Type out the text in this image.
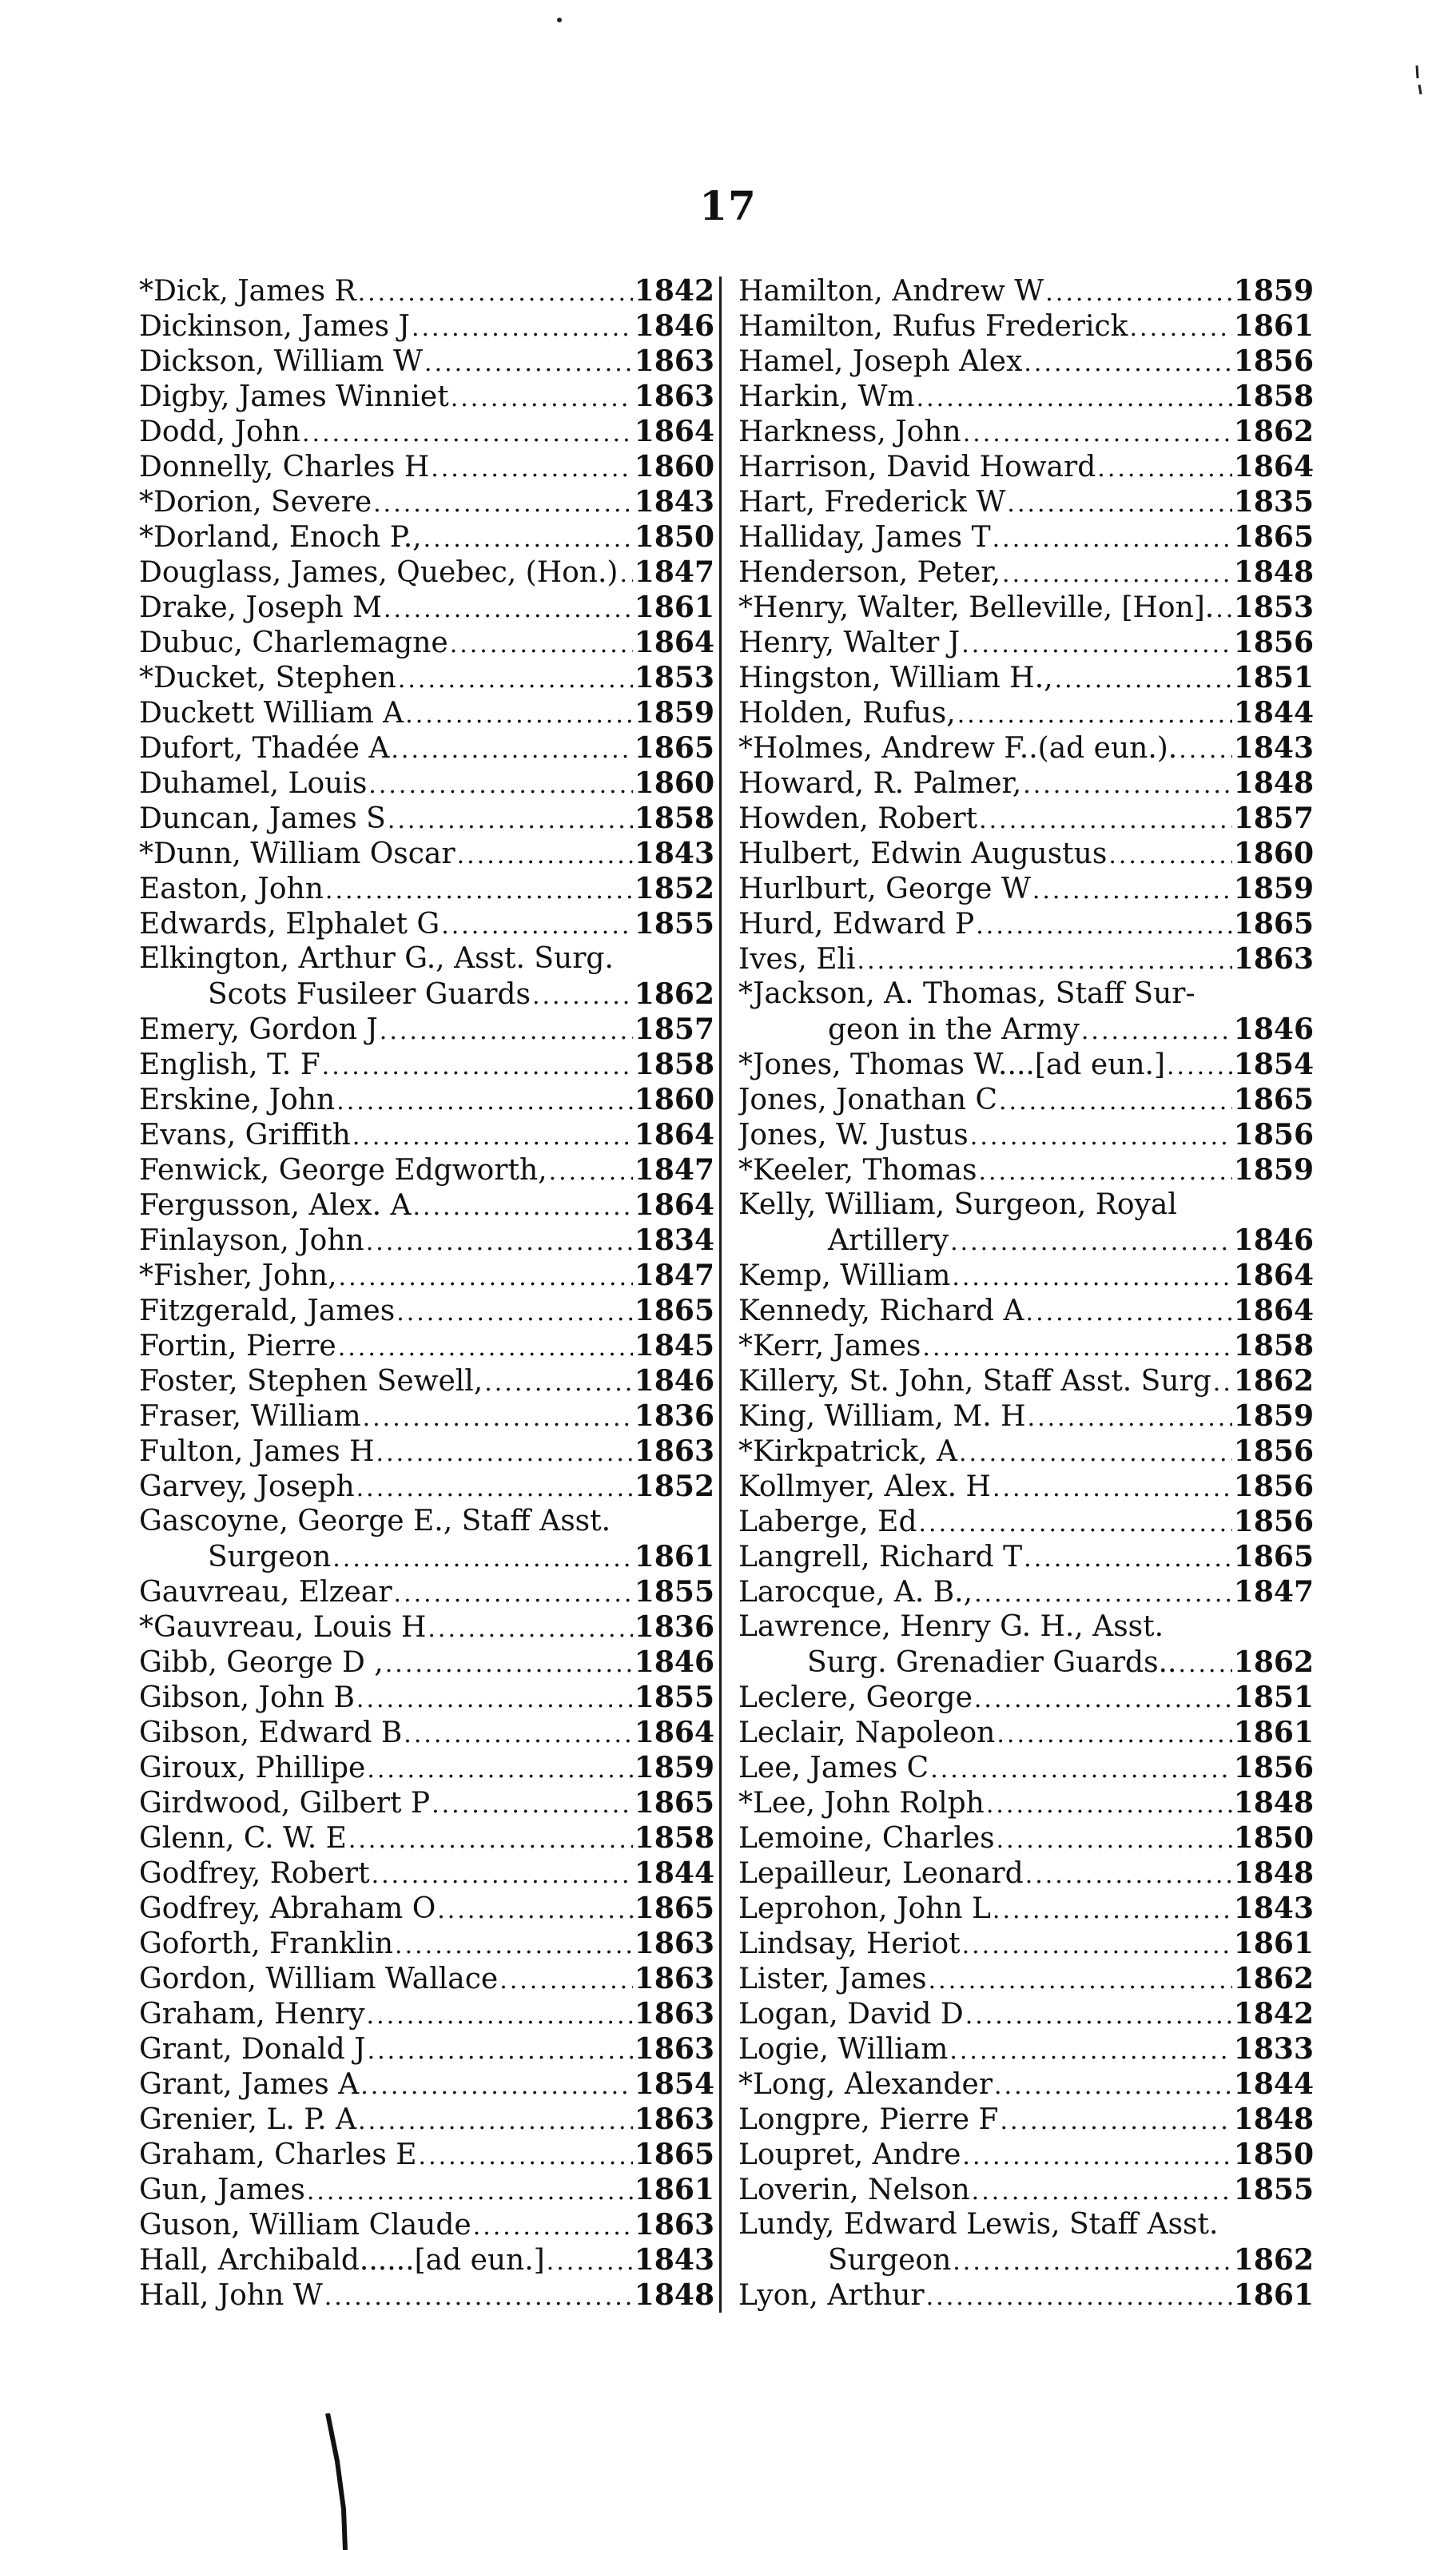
17
*Dick, James R .....	1842
Dickinson, James J .....	1846
Dickson, William W .....	1863
Digby, James Winniet .....	1863
Dodd, John .....	1864
Donnelly, Charles H .....	1860
*Dorion, Severe .....	1843
*Dorland, Enoch P., .....	1850
Douglass, James, Quebec, (Hon.) ..... 1847
Drake, Joseph M .....	1861
Dubuc, Charlemagne .....	1864
*Ducket, Stephen .....	1853
Duckett William A .....	1859
Dufort, Thadée A .....	1865
Duhamel, Louis .....	1860
Duncan, James S .....	1858
*Dunn, William Oscar .....	1843
Easton, John .....	1852
Edwards, Elphalet G .....	1855
Elkington, Arthur G., Asst. Surg.
Scots Fusileer Guards .....	1862
Emery, Gordon J .....	1857
English, T. F .....	1858
Erskine, John .....	1860
Evans, Griffith .....	1864
Fenwick, George Edgworth, .....	1847
Fergusson, Alex. A .....	1864
Finlayson, John .....	1834
*Fisher, John, .....	1847
Fitzgerald, James .....	1865
Fortin, Pierre .....	1845
Foster, Stephen Sewell, .....	1846
Fraser, William .....	1836
Fulton, James H .....	1863
Garvey, Joseph .....	1852
Gascoyne, George E., Staff Asst.
Surgeon .....	1861
Gauvreau, Elzear .....	1855
*Gauvreau, Louis H .....	1836
Gibb, George D , .....	1846
Gibson, John B .....	1855
Gibson, Edward B .....	1864
Giroux, Phillipe .....	1859
Girdwood, Gilbert P .....	1865
Glenn, C. W. E .....	1858
Godfrey, Robert .....	1844
Godfrey, Abraham O .....	1865
Goforth, Franklin .....	1863
Gordon, William Wallace .....	1863
Graham, Henry .....	1863
Grant, Donald J .....	1863
Grant, James A .....	1854
Grenier, L. P. A .....	1863
Graham, Charles E .....	1865
Gun, James .....	1861
Guson, William Claude .....	1863
Hall, Archibald......[ad eun.] .....	1843
Hall, John W .....	1848
Hamilton, Andrew W .....	1859
Hamilton, Rufus Frederick .....	1861
Hamel, Joseph Alex .....	1856
Harkin, Wm .....	1858
Harkness, John .....	1862
Harrison, David Howard .....	1864
Hart, Frederick W .....	1835
Halliday, James T .....	1865
Henderson, Peter, .....	1848
*Henry, Walter, Belleville, [Hon]. ..... 1853
Henry, Walter J .....	1856
Hingston, William H., .....	1851
Holden, Rufus, .....	1844
*Holmes, Andrew F..(ad eun.). ..... 1843
Howard, R. Palmer, .....	1848
Howden, Robert .....	1857
Hulbert, Edwin Augustus .....	1860
Hurlburt, George W .....	1859
Hurd, Edward P .....	1865
Ives, Eli .....	1863
*Jackson, A. Thomas, Staff Sur-
geon in the Army .....	1846
*Jones, Thomas W....[ad eun.] ..... 1854
Jones, Jonathan C .....	1865
Jones, W. Justus .....	1856
*Keeler, Thomas .....	1859
Kelly, William, Surgeon, Royal
Artillery .....	1846
Kemp, William .....	1864
Kennedy, Richard A .....	1864
*Kerr, James .....	1858
Killery, St. John, Staff Asst. Surg ..... 1862
King, William, M. H .....	1859
*Kirkpatrick, A .....	1856
Kollmyer, Alex. H .....	1856
Laberge, Ed .....	1856
Langrell, Richard T .....	1865
Larocque, A. B., .....	1847
Lawrence, Henry G. H., Asst.
Surg. Grenadier Guards.. ..... 1862
Leclere, George .....	1851
Leclair, Napoleon .....	1861
Lee, James C .....	1856
*Lee, John Rolph .....	1848
Lemoine, Charles .....	1850
Lepailleur, Leonard .....	1848
Leprohon, John L .....	1843
Lindsay, Heriot .....	1861
Lister, James .....	1862
Logan, David D .....	1842
Logie, William .....	1833
*Long, Alexander .....	1844
Longpre, Pierre F .....	1848
Loupret, Andre .....	1850
Loverin, Nelson .....	1855
Lundy, Edward Lewis, Staff Asst.
Surgeon .....	1862
Lyon, Arthur .....	1861
